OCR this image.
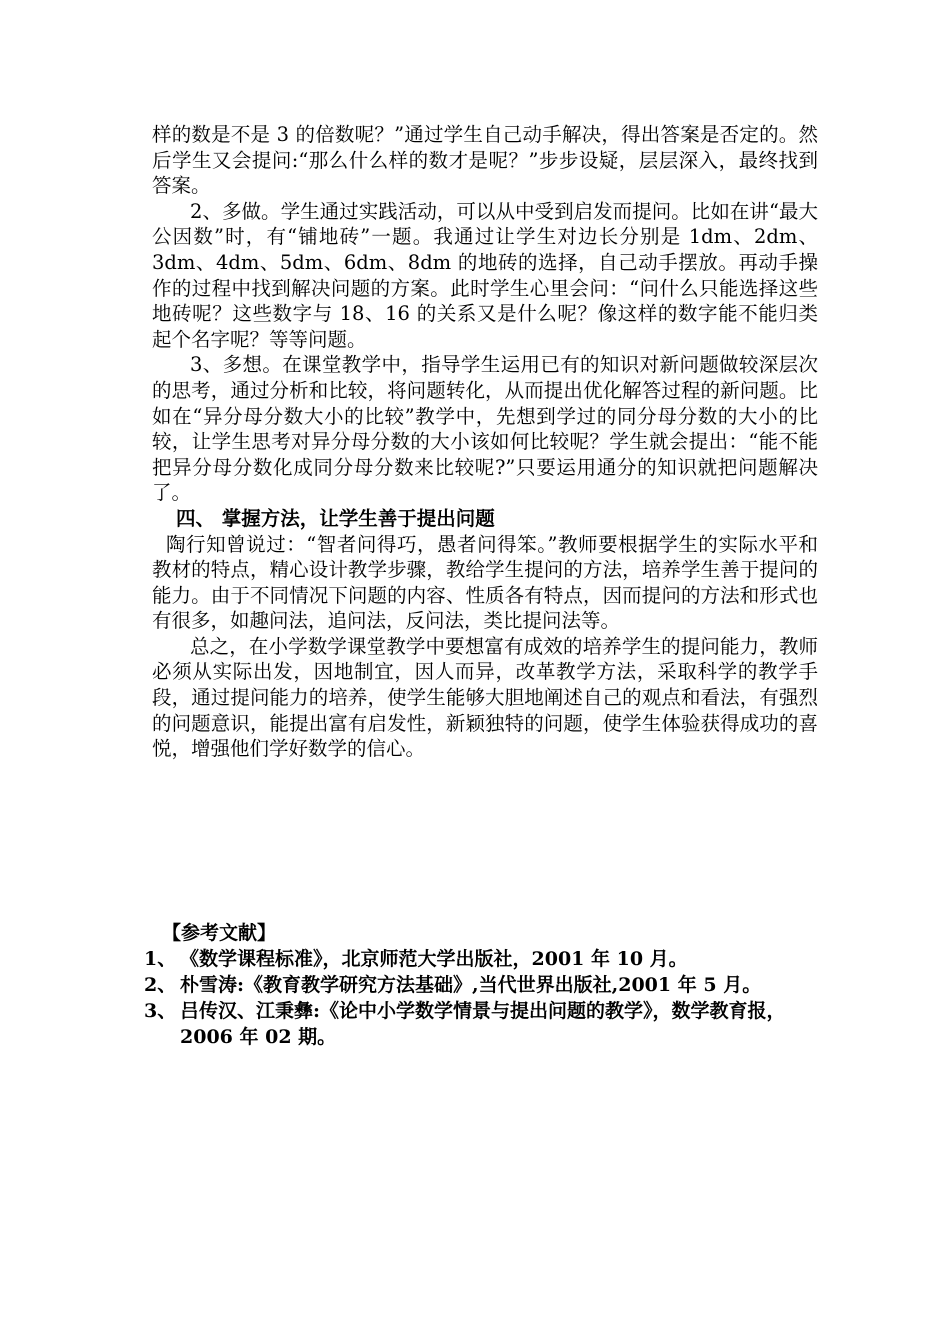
样的数是不是 3 的倍数呢？”通过学生自己动手解决，得出答案是否定的。然后学生又会提问:“那么什么样的数才是呢？”步步设疑，层层深入，最终找到答案。

2、多做。学生通过实践活动，可以从中受到启发而提问。比如在讲“最大公因数”时，有“铺地砖”一题。我通过让学生对边长分别是 1dm、2dm、3dm、4dm、5dm、6dm、8dm 的地砖的选择，自己动手摆放。再动手操作的过程中找到解决问题的方案。此时学生心里会问：“问什么只能选择这些地砖呢？这些数字与 18、16 的关系又是什么呢？像这样的数字能不能归类起个名字呢？等等问题。

3、多想。在课堂教学中，指导学生运用已有的知识对新问题做较深层次的思考，通过分析和比较，将问题转化，从而提出优化解答过程的新问题。比如在“异分母分数大小的比较”教学中，先想到学过的同分母分数的大小的比较，让学生思考对异分母分数的大小该如何比较呢？学生就会提出：“能不能把异分母分数化成同分母分数来比较呢?”只要运用通分的知识就把问题解决了。

四、 掌握方法，让学生善于提出问题

陶行知曾说过：“智者问得巧，愚者问得笨。”教师要根据学生的实际水平和教材的特点，精心设计教学步骤，教给学生提问的方法，培养学生善于提问的能力。由于不同情况下问题的内容、性质各有特点，因而提问的方法和形式也有很多，如趣问法，追问法，反问法，类比提问法等。

总之，在小学数学课堂教学中要想富有成效的培养学生的提问能力，教师必须从实际出发，因地制宜，因人而异，改革教学方法，采取科学的教学手段，通过提问能力的培养，使学生能够大胆地阐述自己的观点和看法，有强烈的问题意识，能提出富有启发性，新颖独特的问题，使学生体验获得成功的喜悦，增强他们学好数学的信心。

【参考文献】

1、 《数学课程标准》，北京师范大学出版社，2001 年 10 月。

2、 朴雪涛:《教育教学研究方法基础》,当代世界出版社,2001 年 5 月。

3、 吕传汉、江秉彝:《论中小学数学情景与提出问题的教学》，数学教育报，2006 年 02 期。
